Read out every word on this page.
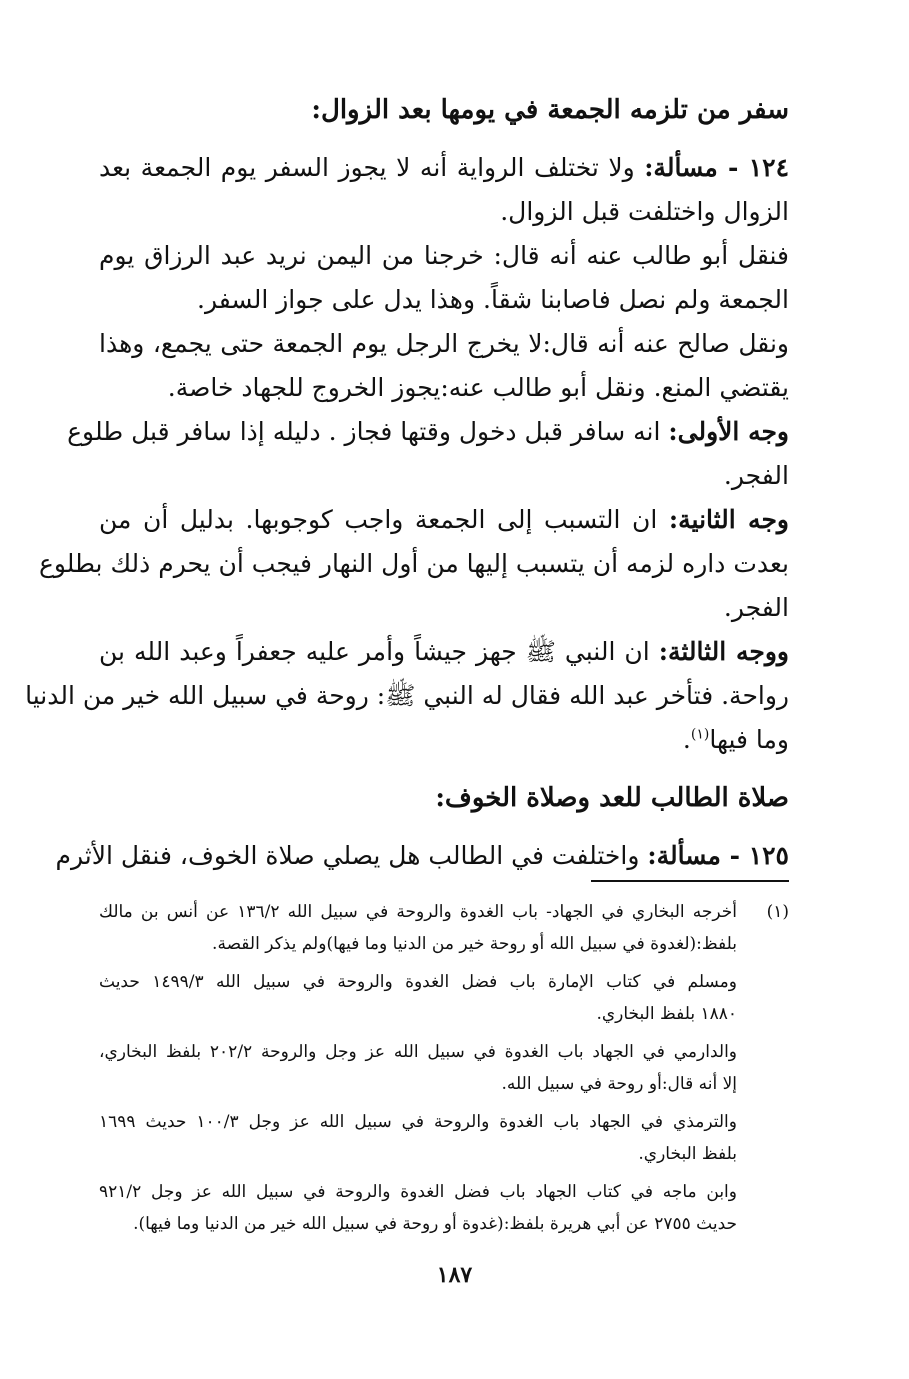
سفر من تلزمه الجمعة في يومها بعد الزوال:
١٢٤ - مسألة: ولا تختلف الرواية أنه لا يجوز السفر يوم الجمعة بعد
الزوال واختلفت قبل الزوال.
فنقل أبو طالب عنه أنه قال: خرجنا من اليمن نريد عبد الرزاق يوم
الجمعة ولم نصل فاصابنا شقاً. وهذا يدل على جواز السفر.
ونقل صالح عنه أنه قال:لا يخرج الرجل يوم الجمعة حتى يجمع، وهذا
يقتضي المنع. ونقل أبو طالب عنه:يجوز الخروج للجهاد خاصة.
وجه الأولى: انه سافر قبل دخول وقتها فجاز . دليله إذا سافر قبل طلوع
الفجر.
وجه الثانية: ان التسبب إلى الجمعة واجب كوجوبها. بدليل أن من
بعدت داره لزمه أن يتسبب إليها من أول النهار فيجب أن يحرم ذلك بطلوع
الفجر.
ووجه الثالثة: ان النبي ﷺ جهز جيشاً وأمر عليه جعفراً وعبد الله بن
رواحة. فتأخر عبد الله فقال له النبي ﷺ: روحة في سبيل الله خير من الدنيا
وما فيها$^{(١)}$.
صلاة الطالب للعد وصلاة الخوف:
١٢٥ - مسألة: واختلفت في الطالب هل يصلي صلاة الخوف، فنقل الأثرم
(١)
أخرجه البخاري في الجهاد- باب الغدوة والروحة في سبيل الله ١٣٦/٢ عن أنس بن مالك
بلفظ:(لغدوة في سبيل الله أو روحة خير من الدنيا وما فيها)ولم يذكر القصة.
ومسلم في كتاب الإمارة باب فضل الغدوة والروحة في سبيل الله ١٤٩٩/٣ حديث
١٨٨٠ بلفظ البخاري.
والدارمي في الجهاد باب الغدوة في سبيل الله عز وجل والروحة ٢٠٢/٢ بلفظ البخاري،
إلا أنه قال:أو روحة في سبيل الله.
والترمذي في الجهاد باب الغدوة والروحة في سبيل الله عز وجل ١٠٠/٣ حديث ١٦٩٩
بلفظ البخاري.
وابن ماجه في كتاب الجهاد باب فضل الغدوة والروحة في سبيل الله عز وجل ٩٢١/٢
حديث ٢٧٥٥ عن أبي هريرة بلفظ:(غدوة أو روحة في سبيل الله خير من الدنيا وما فيها).
١٨٧
